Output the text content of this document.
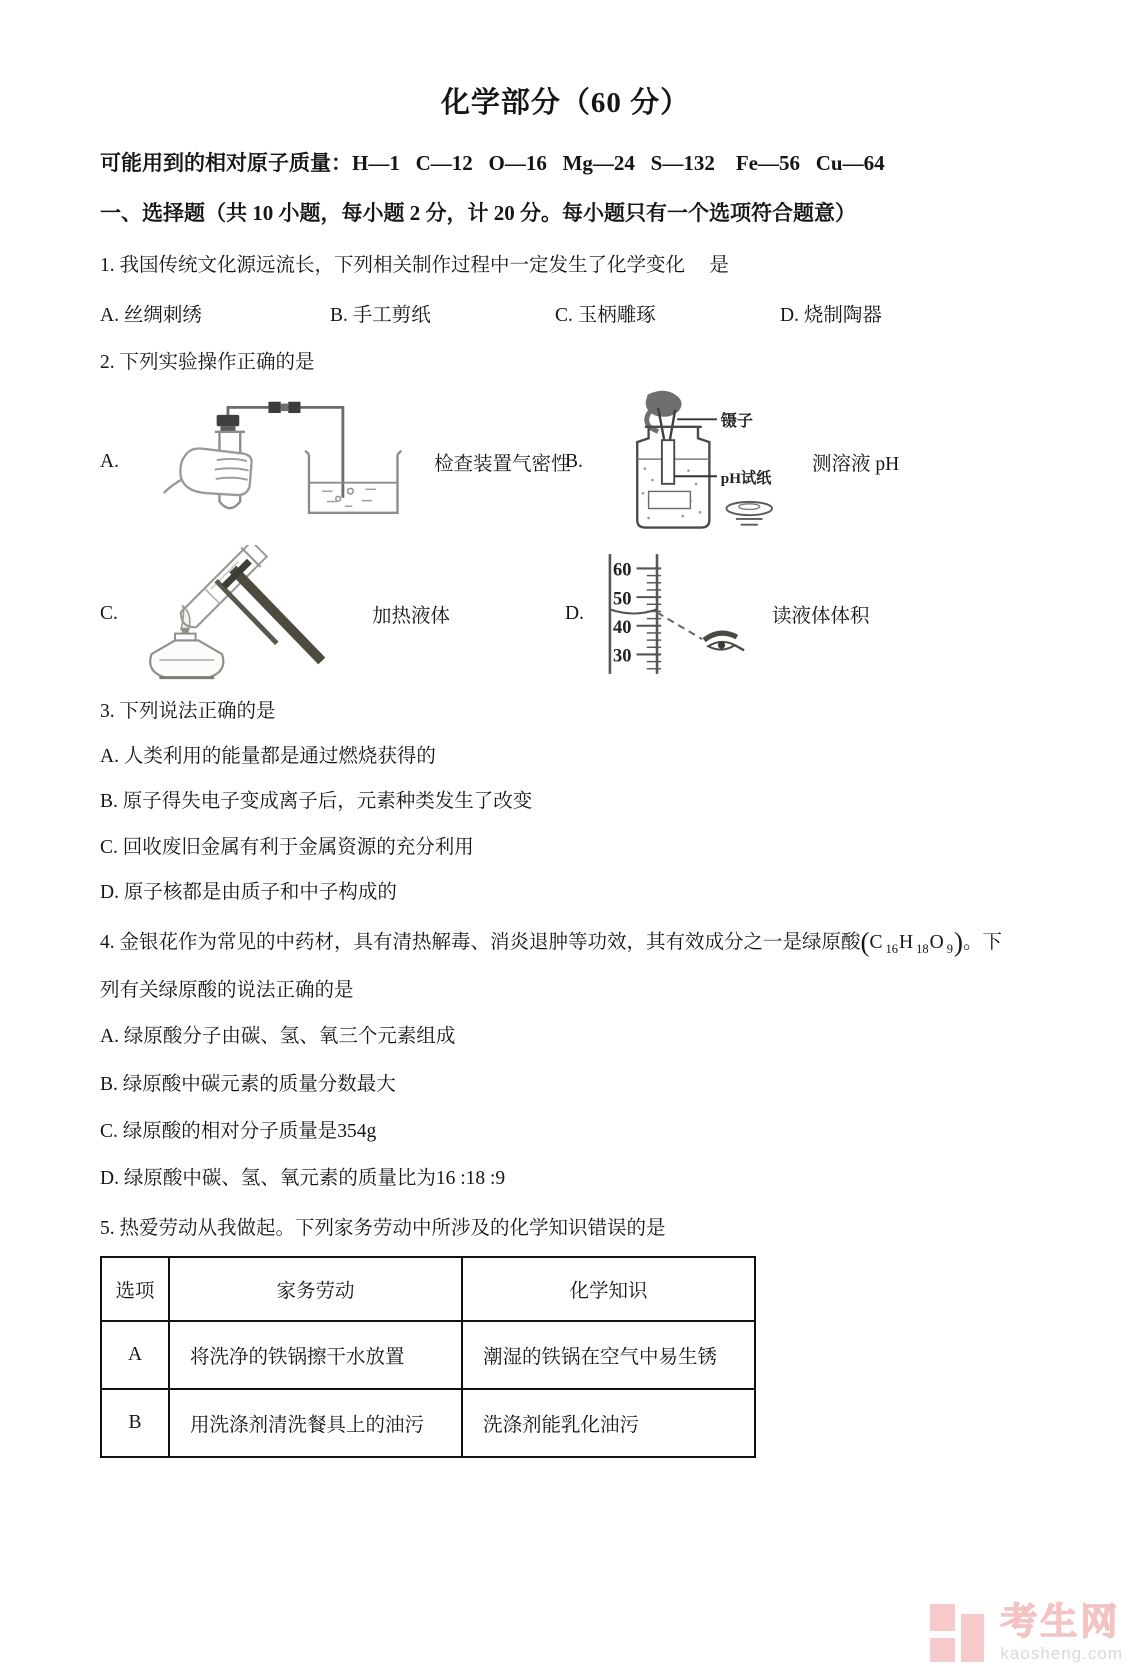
化学部分（60 分）
可能用到的相对原子质量：H—1   C—12   O—16   Mg—24   S—132    Fe—56   Cu—64
一、选择题（共 10 小题，每小题 2 分，计 20 分。每小题只有一个选项符合题意）
1. 我国传统文化源远流长，下列相关制作过程中一定发生了化学变化　 是
A. 丝绸刺绣	B. 手工剪纸	C. 玉柄雕琢	D. 烧制陶器
2. 下列实验操作正确的是
A.	检查装置气密性
B.
镊子
pH试纸
测溶液 pH
C.	加热液体	D.
60
50
40
30
读液体体积
3. 下列说法正确的是
A. 人类利用的能量都是通过燃烧获得的
B. 原子得失电子变成离子后，元素种类发生了改变
C. 回收废旧金属有利于金属资源的充分利用
D. 原子核都是由质子和中子构成的
4. 金银花作为常见的中药材，具有清热解毒、消炎退肿等功效，其有效成分之一是绿原酸(C $_{16}$H $_{18}$O $_9$)。下
列有关绿原酸的说法正确的是
A. 绿原酸分子由碳、氢、氧三个元素组成
B. 绿原酸中碳元素的质量分数最大
C. 绿原酸的相对分子质量是354g
D. 绿原酸中碳、氢、氧元素的质量比为16 :18 :9
5. 热爱劳动从我做起。下列家务劳动中所涉及的化学知识错误的是
选项	家务劳动	化学知识
A	将洗净的铁锅擦干水放置	潮湿的铁锅在空气中易生锈
B	用洗涤剂清洗餐具上的油污	洗涤剂能乳化油污
考生网
kaosheng.com
